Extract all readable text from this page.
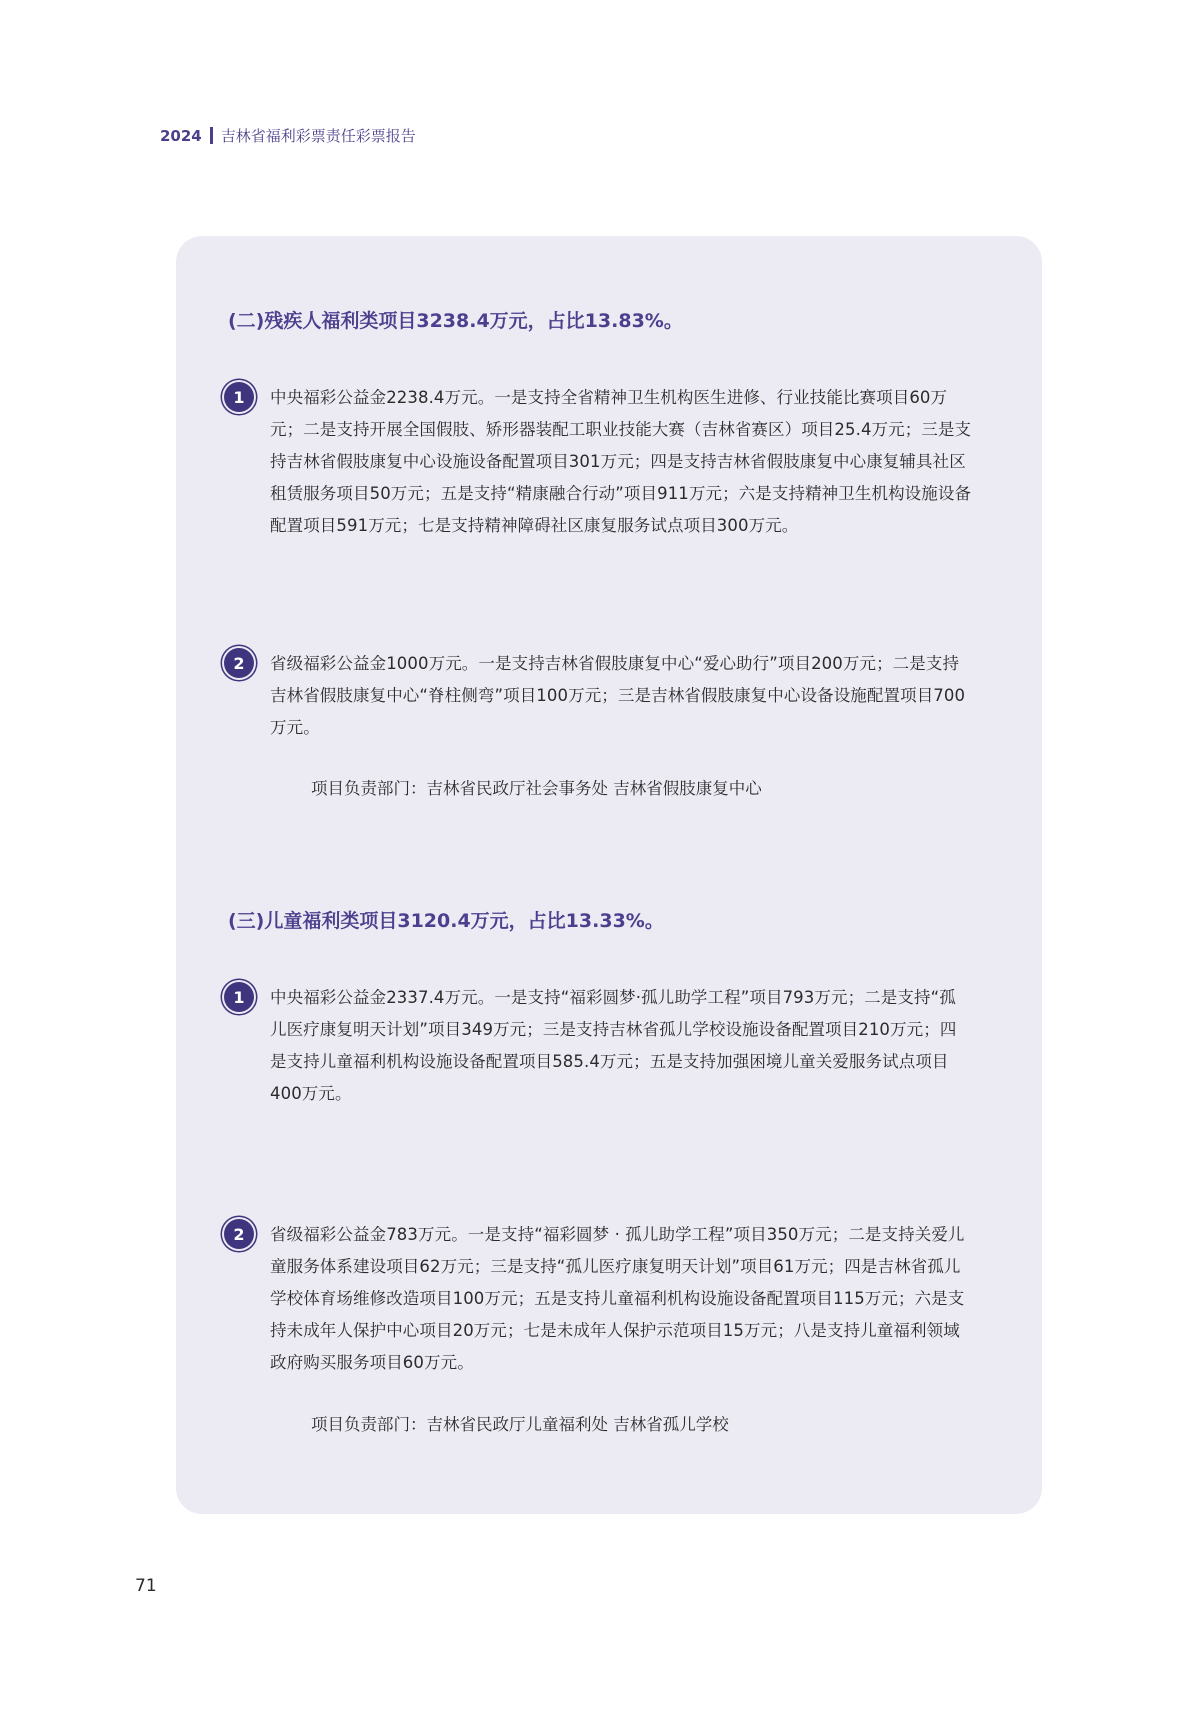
2024 吉林省福利彩票责任彩票报告
(二)残疾人福利类项目3238.4万元，占比13.83%。
1	中央福彩公益金2238.4万元。一是支持全省精神卫生机构医生进修、行业技能比赛项目60万元；二是支持开展全国假肢、矫形器装配工职业技能大赛（吉林省赛区）项目25.4万元；三是支持吉林省假肢康复中心设施设备配置项目301万元；四是支持吉林省假肢康复中心康复辅具社区租赁服务项目50万元；五是支持“精康融合行动”项目911万元；六是支持精神卫生机构设施设备配置项目591万元；七是支持精神障碍社区康复服务试点项目300万元。
2	省级福彩公益金1000万元。一是支持吉林省假肢康复中心“爱心助行”项目200万元；二是支持吉林省假肢康复中心“脊柱侧弯”项目100万元；三是吉林省假肢康复中心设备设施配置项目700万元。
项目负责部门：吉林省民政厅社会事务处 吉林省假肢康复中心
(三)儿童福利类项目3120.4万元，占比13.33%。
1	中央福彩公益金2337.4万元。一是支持“福彩圆梦·孤儿助学工程”项目793万元；二是支持“孤儿医疗康复明天计划”项目349万元；三是支持吉林省孤儿学校设施设备配置项目210万元；四是支持儿童福利机构设施设备配置项目585.4万元；五是支持加强困境儿童关爱服务试点项目400万元。
2	省级福彩公益金783万元。一是支持“福彩圆梦 · 孤儿助学工程”项目350万元；二是支持关爱儿童服务体系建设项目62万元；三是支持“孤儿医疗康复明天计划”项目61万元；四是吉林省孤儿学校体育场维修改造项目100万元；五是支持儿童福利机构设施设备配置项目115万元；六是支持未成年人保护中心项目20万元；七是未成年人保护示范项目15万元；八是支持儿童福利领域政府购买服务项目60万元。
项目负责部门：吉林省民政厅儿童福利处 吉林省孤儿学校
71
